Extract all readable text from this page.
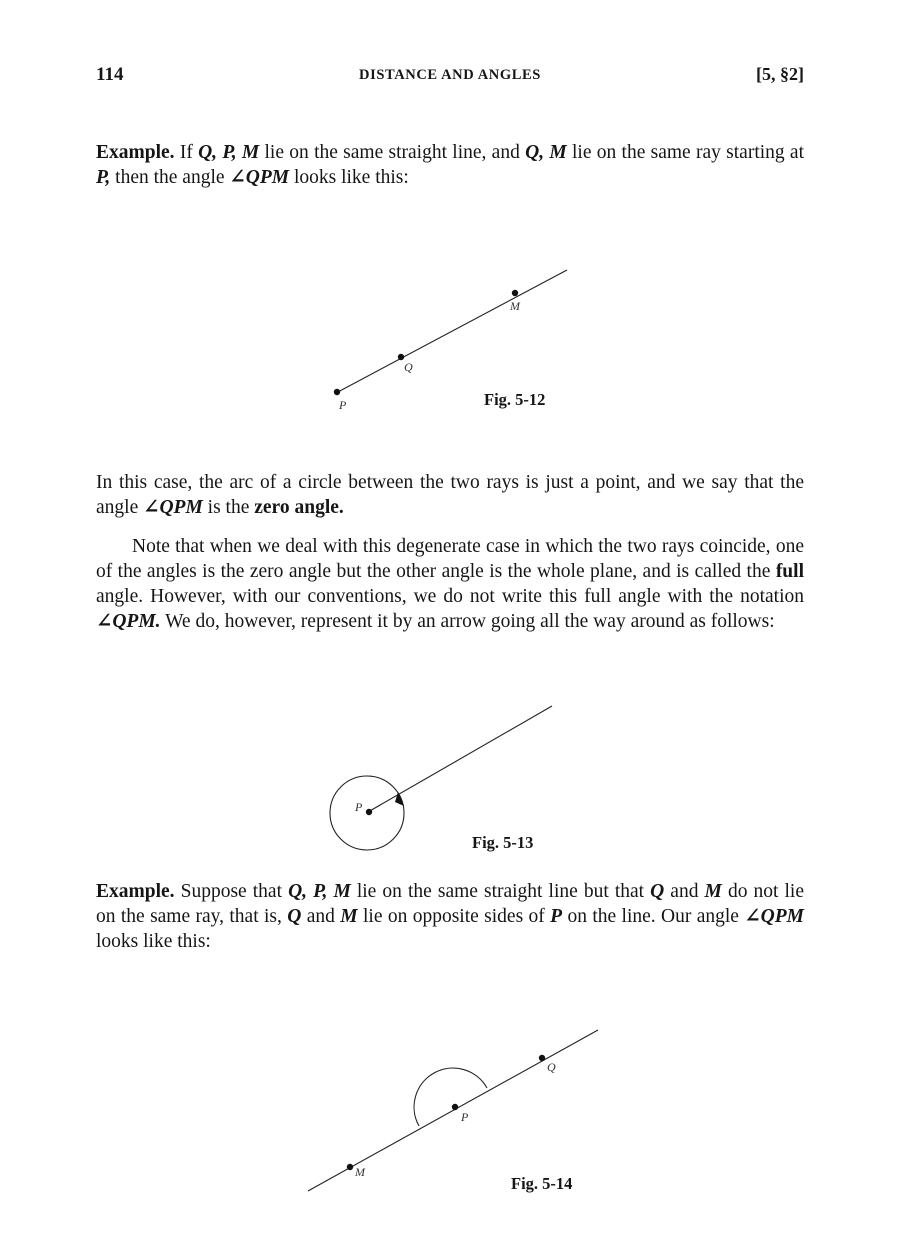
114	DISTANCE AND ANGLES	[5, §2]

Example. If Q, P, M lie on the same straight line, and Q, M lie on the same ray starting at P, then the angle ∠QPM looks like this:

P
Q
M
Fig. 5-12

In this case, the arc of a circle between the two rays is just a point, and we say that the angle ∠QPM is the zero angle.

Note that when we deal with this degenerate case in which the two rays coincide, one of the angles is the zero angle but the other angle is the whole plane, and is called the full angle. However, with our conventions, we do not write this full angle with the notation ∠QPM. We do, however, represent it by an arrow going all the way around as follows:

P
Fig. 5-13

Example. Suppose that Q, P, M lie on the same straight line but that Q and M do not lie on the same ray, that is, Q and M lie on opposite sides of P on the line. Our angle ∠QPM looks like this:

M
P
Q
Fig. 5-14
